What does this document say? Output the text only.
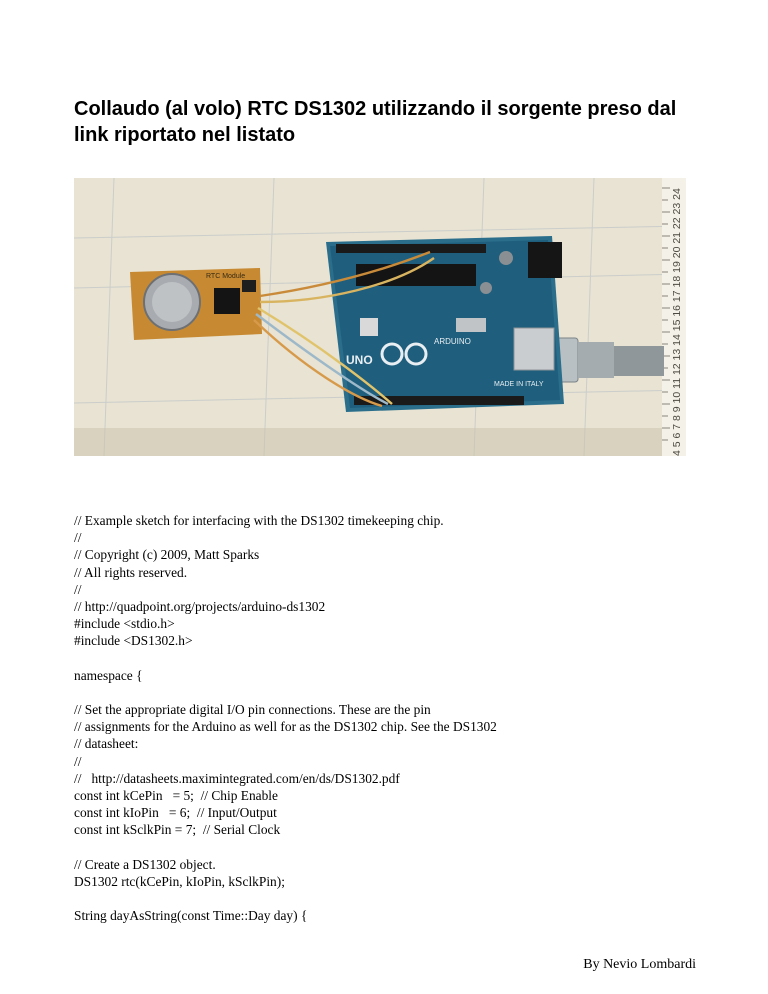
Collaudo (al volo) RTC DS1302 utilizzando il sorgente preso dal link riportato nel listato
4 5 6 7 8 9 10 11 12 13 14 15 16 17 18 19 20 21 22 23 24
UNO
ARDUINO
MADE IN ITALY
RTC Module
// Example sketch for interfacing with the DS1302 timekeeping chip.
//
// Copyright (c) 2009, Matt Sparks
// All rights reserved.
//
// http://quadpoint.org/projects/arduino-ds1302
#include <stdio.h>
#include <DS1302.h>
namespace {
// Set the appropriate digital I/O pin connections. These are the pin
// assignments for the Arduino as well for as the DS1302 chip. See the DS1302
// datasheet:
//
//   http://datasheets.maximintegrated.com/en/ds/DS1302.pdf
const int kCePin   = 5;  // Chip Enable
const int kIoPin   = 6;  // Input/Output
const int kSclkPin = 7;  // Serial Clock
// Create a DS1302 object.
DS1302 rtc(kCePin, kIoPin, kSclkPin);
String dayAsString(const Time::Day day) {
By Nevio Lombardi
